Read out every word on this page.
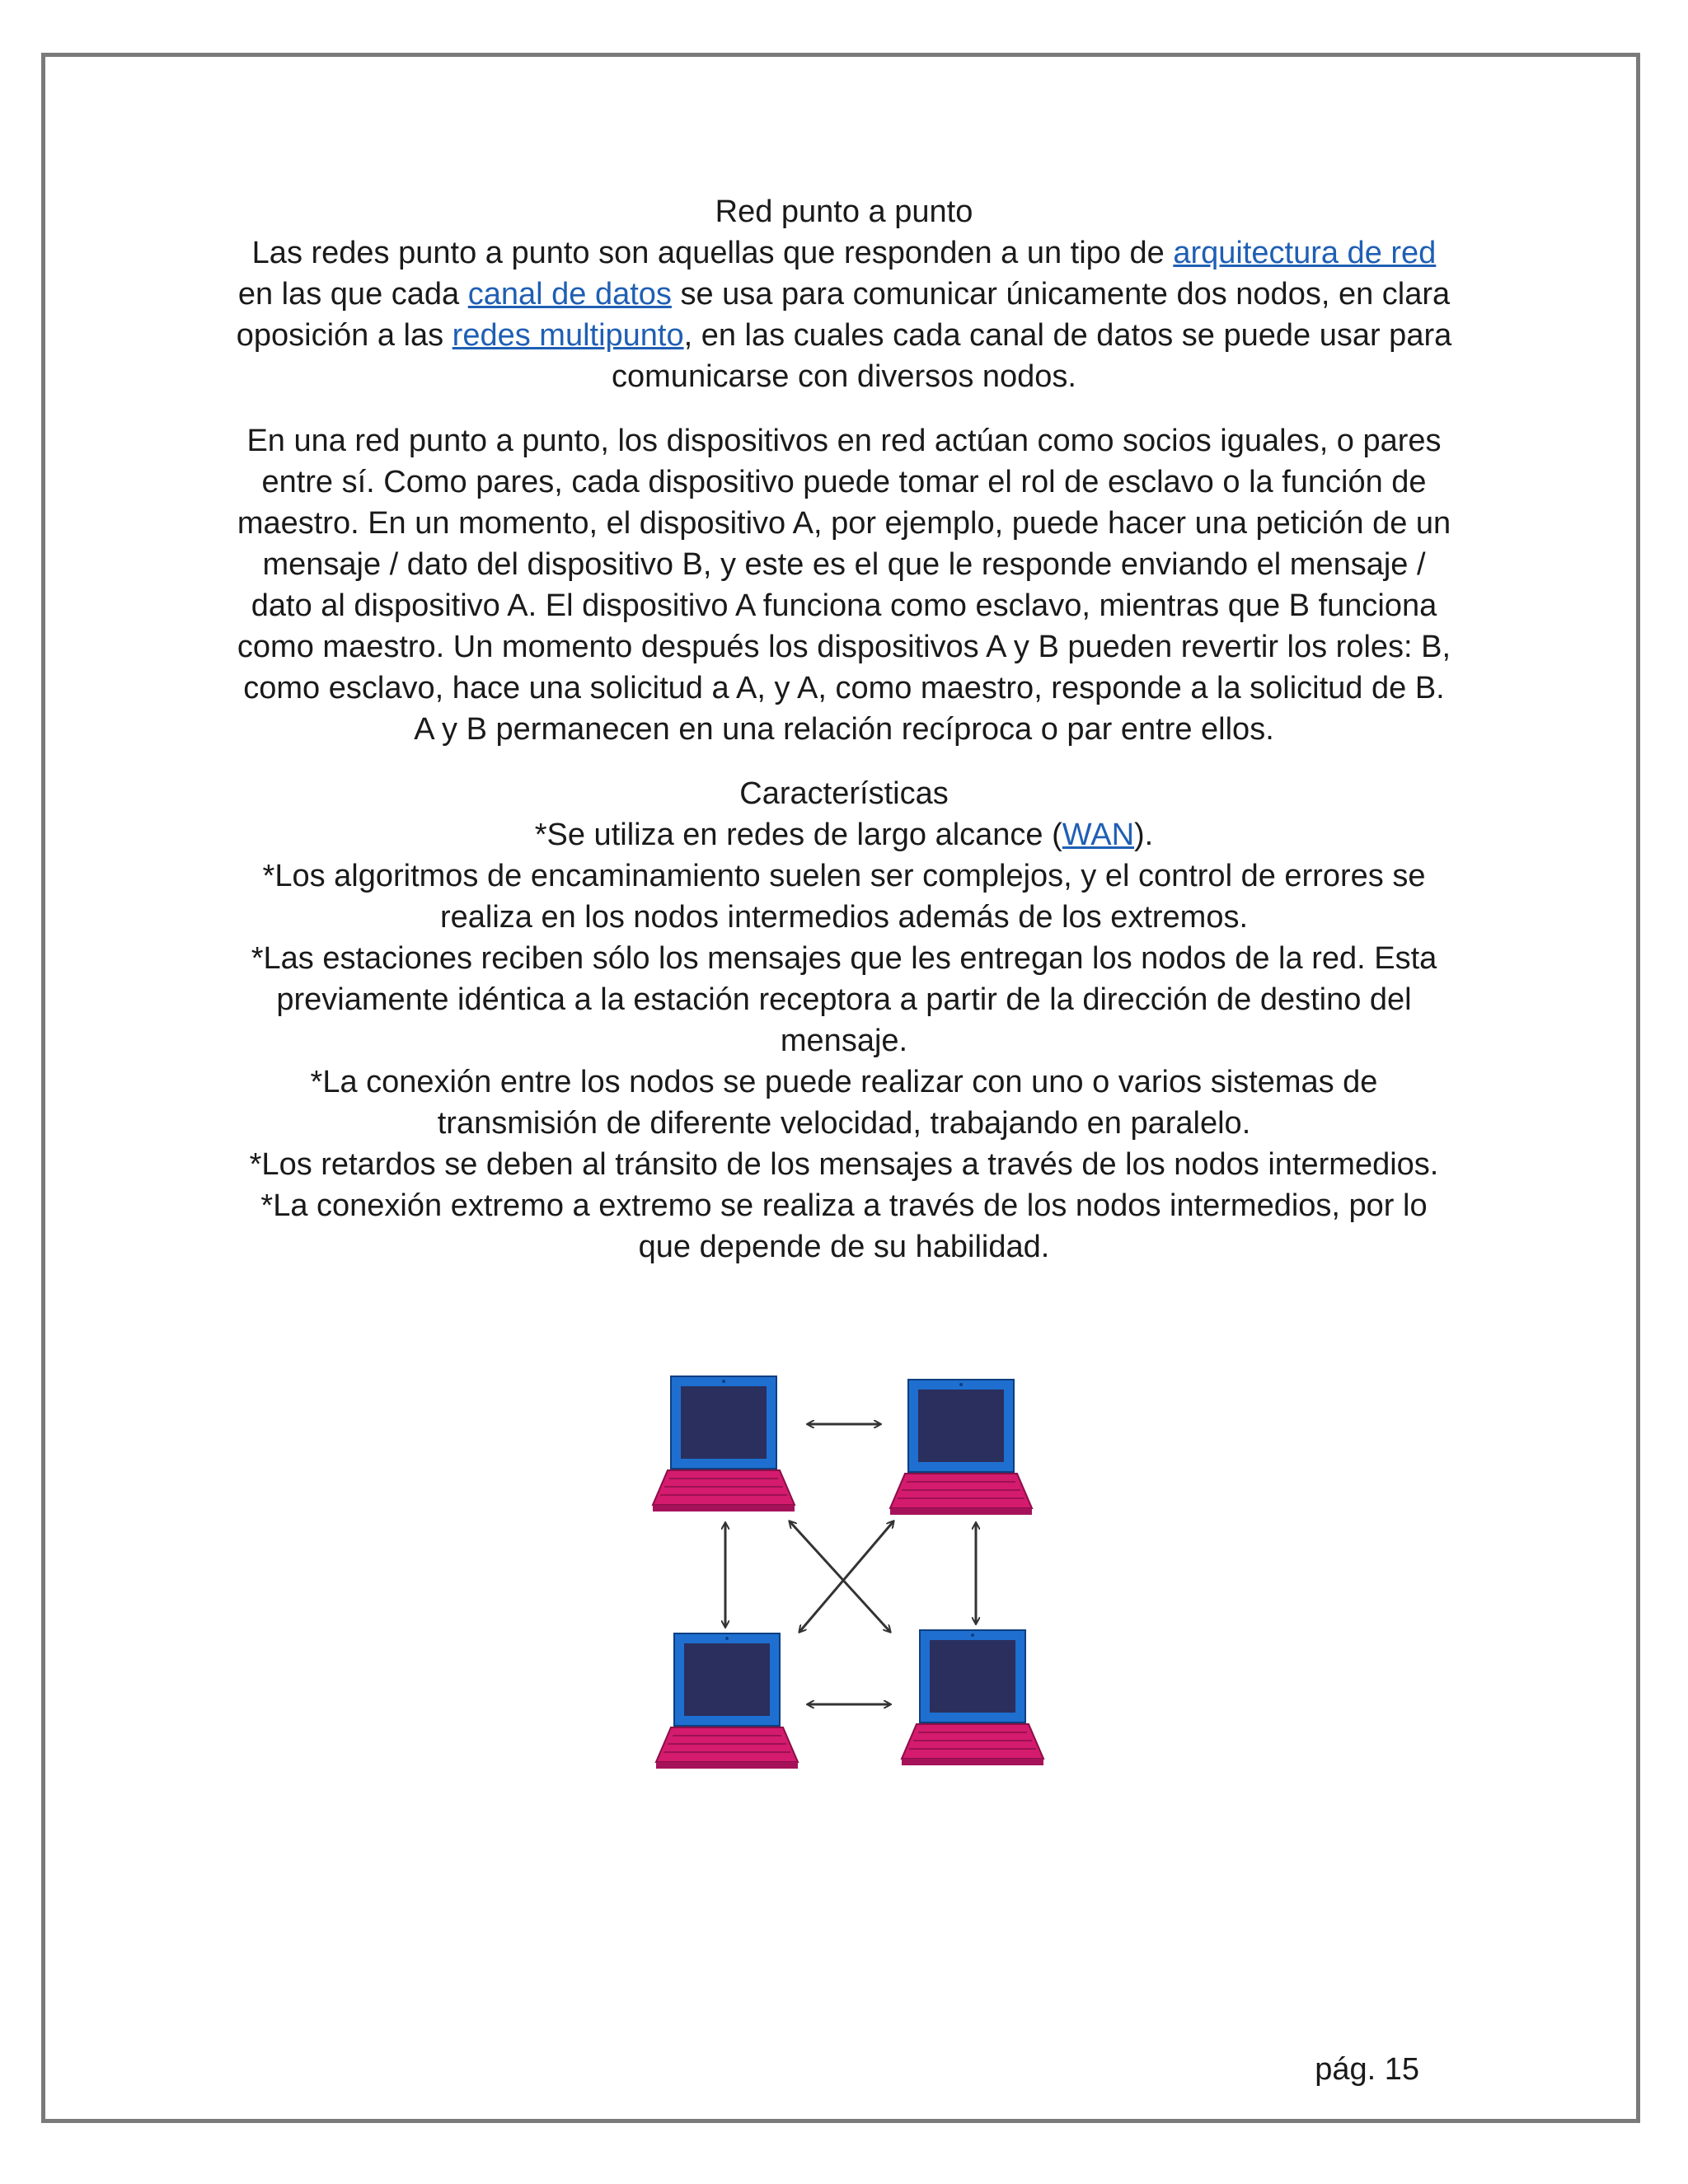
Red punto a punto

Las redes punto a punto son aquellas que responden a un tipo de arquitectura de red en las que cada canal de datos se usa para comunicar únicamente dos nodos, en clara oposición a las redes multipunto, en las cuales cada canal de datos se puede usar para comunicarse con diversos nodos.

En una red punto a punto, los dispositivos en red actúan como socios iguales, o pares entre sí. Como pares, cada dispositivo puede tomar el rol de esclavo o la función de maestro. En un momento, el dispositivo A, por ejemplo, puede hacer una petición de un mensaje / dato del dispositivo B, y este es el que le responde enviando el mensaje / dato al dispositivo A. El dispositivo A funciona como esclavo, mientras que B funciona como maestro. Un momento después los dispositivos A y B pueden revertir los roles: B, como esclavo, hace una solicitud a A, y A, como maestro, responde a la solicitud de B. A y B permanecen en una relación recíproca o par entre ellos.

Características

*Se utiliza en redes de largo alcance (WAN).

*Los algoritmos de encaminamiento suelen ser complejos, y el control de errores se realiza en los nodos intermedios además de los extremos.

*Las estaciones reciben sólo los mensajes que les entregan los nodos de la red. Esta previamente idéntica a la estación receptora a partir de la dirección de destino del mensaje.

*La conexión entre los nodos se puede realizar con uno o varios sistemas de transmisión de diferente velocidad, trabajando en paralelo.

*Los retardos se deben al tránsito de los mensajes a través de los nodos intermedios.

*La conexión extremo a extremo se realiza a través de los nodos intermedios, por lo que depende de su habilidad.

pág. 15
